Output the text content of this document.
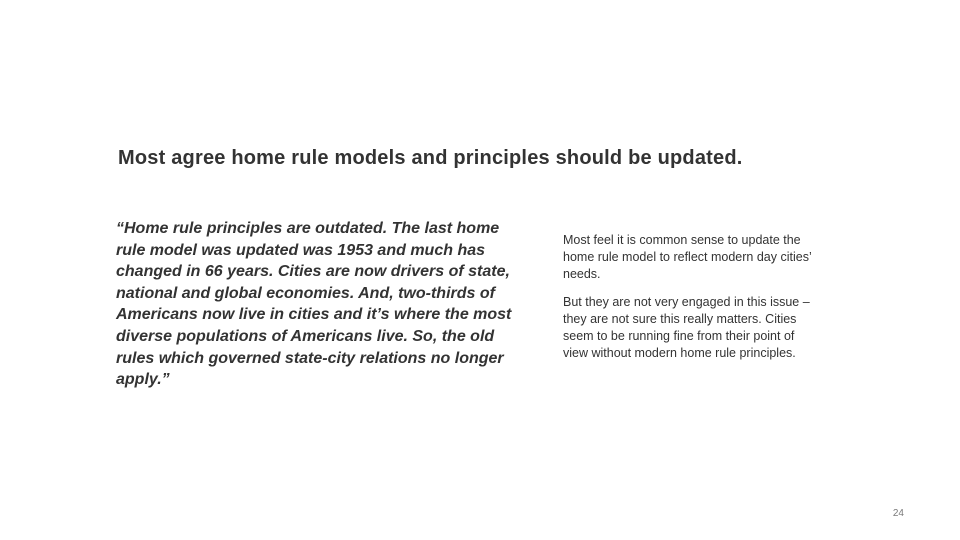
Most agree home rule models and principles should be updated.
“Home rule principles are outdated. The last home rule model was updated was 1953 and much has changed in 66 years. Cities are now drivers of state, national and global economies. And, two-thirds of Americans now live in cities and it’s where the most diverse populations of Americans live. So, the old rules which governed state-city relations no longer apply.”

Most feel it is common sense to update the home rule model to reflect modern day cities’ needs.

But they are not very engaged in this issue – they are not sure this really matters. Cities seem to be running fine from their point of view without modern home rule principles.

24
